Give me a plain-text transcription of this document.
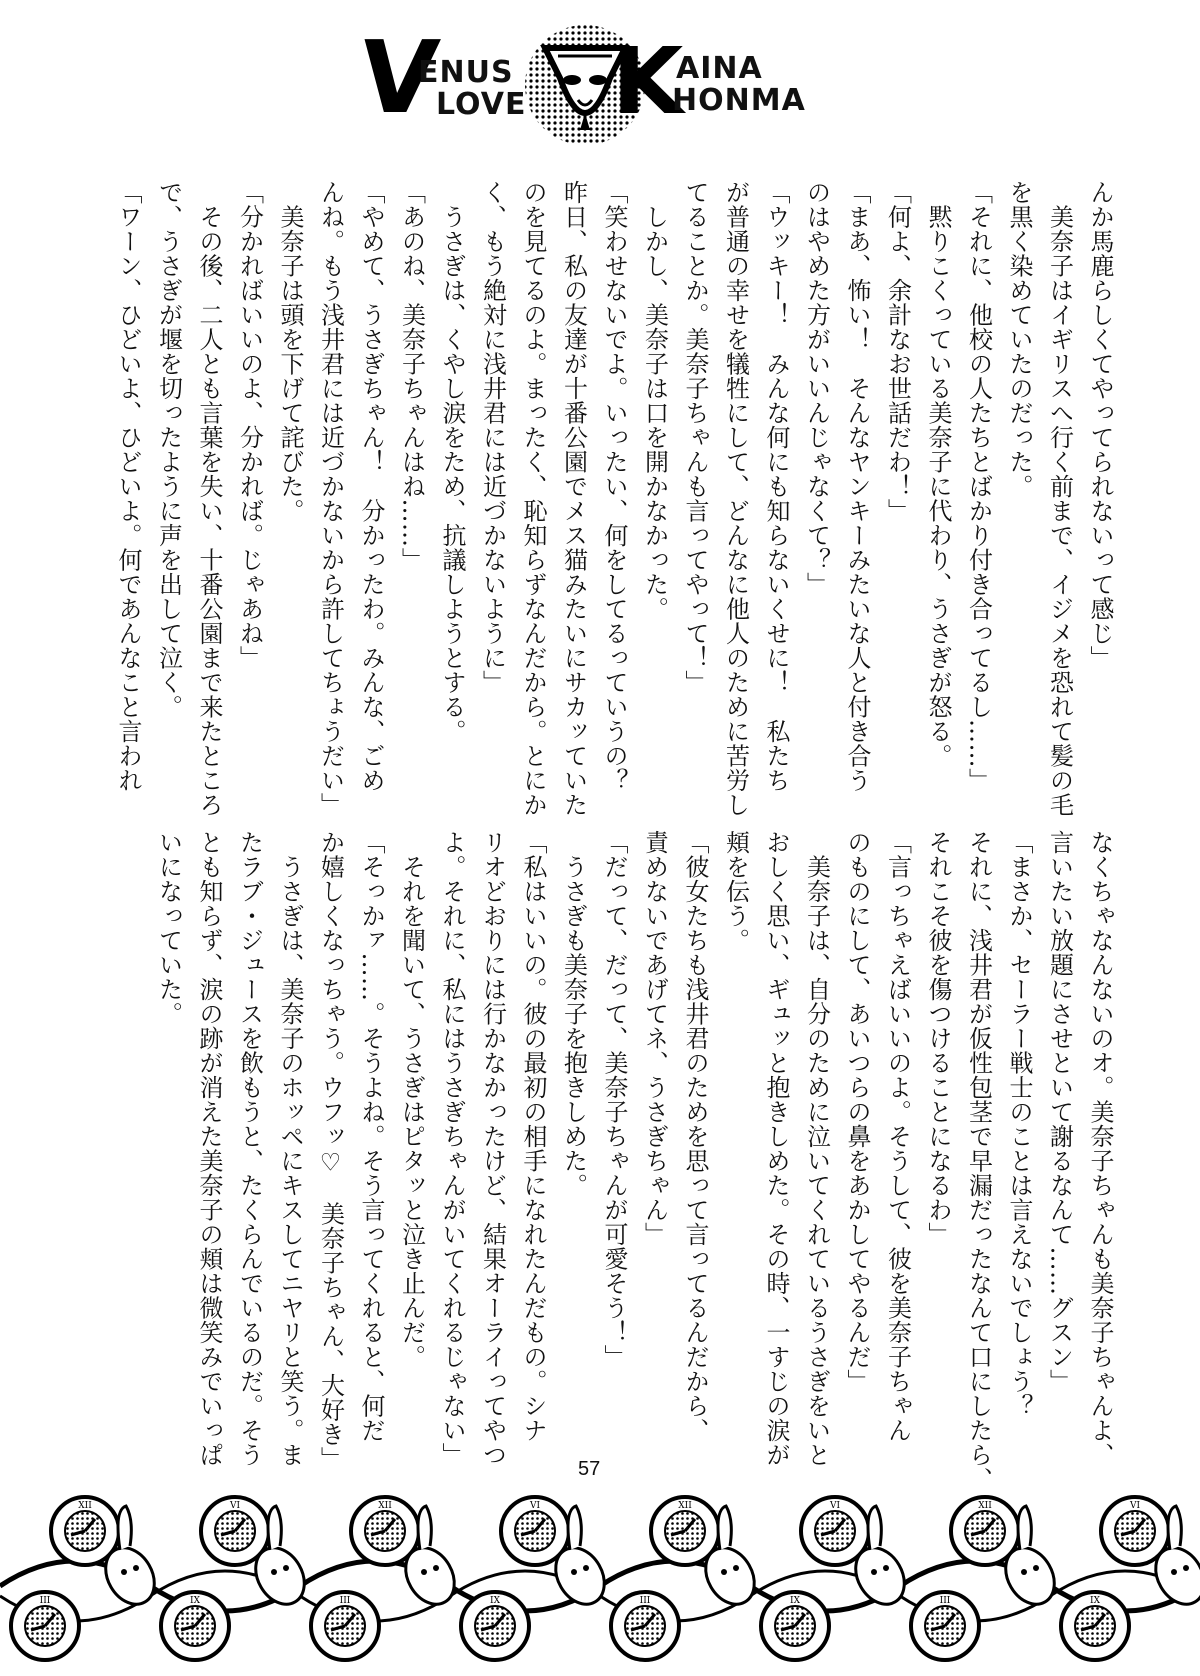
V
ENUS
LOVE K
AINA
HONMA
んか馬鹿らしくてやってられないって感じ」
　美奈子はイギリスへ行く前まで、イジメを恐れて髪の毛
を黒く染めていたのだった。
「それに、他校の人たちとばかり付き合ってるし……」
　黙りこくっている美奈子に代わり、うさぎが怒る。
「何よ、余計なお世話だわ！」
「まあ、怖い！　そんなヤンキーみたいな人と付き合う
のはやめた方がいいんじゃなくて？」
「ウッキー！　みんな何にも知らないくせに！　私たち
が普通の幸せを犠牲にして、どんなに他人のために苦労し
てることか。美奈子ちゃんも言ってやって！」
　しかし、美奈子は口を開かなかった。
「笑わせないでよ。いったい、何をしてるっていうの？
昨日、私の友達が十番公園でメス猫みたいにサカッていた
のを見てるのよ。まったく、恥知らずなんだから。とにか
く、もう絶対に浅井君には近づかないように」
　うさぎは、くやし涙をため、抗議しようとする。
「あのね、美奈子ちゃんはね……」
「やめて、うさぎちゃん！　分かったわ。みんな、ごめ
んね。もう浅井君には近づかないから許してちょうだい」
　美奈子は頭を下げて詫びた。
「分かればいいのよ、分かれば。じゃあね」
　その後、二人とも言葉を失い、十番公園まで来たところ
で、うさぎが堰を切ったように声を出して泣く。
「ワーン、ひどいよ、ひどいよ。何であんなこと言われ
なくちゃなんないのオ。美奈子ちゃんも美奈子ちゃんよ、
言いたい放題にさせといて謝るなんて……グスン」
「まさか、セーラー戦士のことは言えないでしょう？
それに、浅井君が仮性包茎で早漏だったなんて口にしたら、
それこそ彼を傷つけることになるわ」
「言っちゃえばいいのよ。そうして、彼を美奈子ちゃん
のものにして、あいつらの鼻をあかしてやるんだ」
　美奈子は、自分のために泣いてくれているうさぎをいと
おしく思い、ギュッと抱きしめた。その時、一すじの涙が
頬を伝う。
「彼女たちも浅井君のためを思って言ってるんだから、
責めないであげてネ、うさぎちゃん」
「だって、だって、美奈子ちゃんが可愛そう！」
　うさぎも美奈子を抱きしめた。
「私はいいの。彼の最初の相手になれたんだもの。シナ
リオどおりには行かなかったけど、結果オーライってやつ
よ。それに、私にはうさぎちゃんがいてくれるじゃない」
　それを聞いて、うさぎはピタッと泣き止んだ。
「そっかァ……。そうよね。そう言ってくれると、何だ
か嬉しくなっちゃう。ウフッ♡　美奈子ちゃん、大好き」
　うさぎは、美奈子のホッペにキスしてニヤリと笑う。ま
たラブ・ジュースを飲もうと、たくらんでいるのだ。そう
とも知らず、涙の跡が消えた美奈子の頬は微笑みでいっぱ
いになっていた。
57
XII
III
VI
IX
XII
III
VI
IX
XII
III
VI
IX
XII
III
VI
IX
